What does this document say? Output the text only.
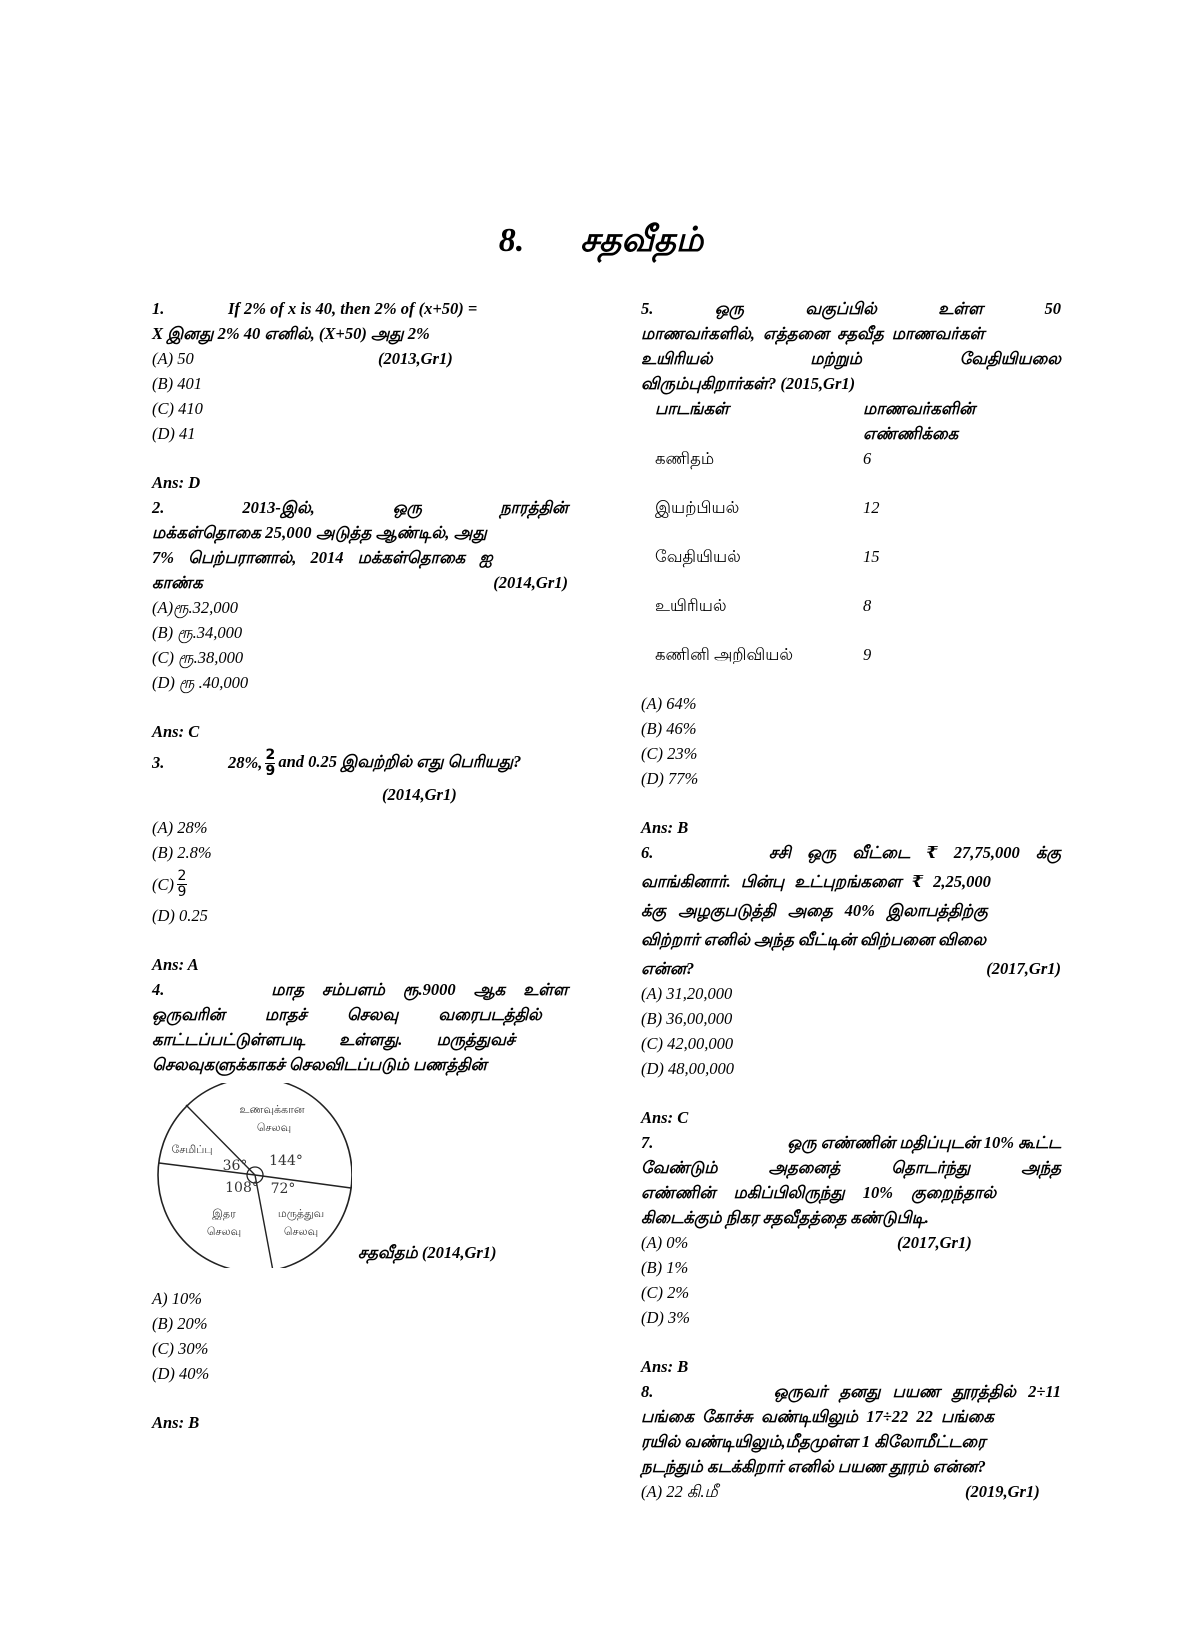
8. சதவீதம்
1.	If 2% of x is 40, then 2% of (x+50) =
X இனது 2% 40 எனில், (X+50) அது 2%
(A) 50	(2013,Gr1)
(B) 401
(C) 410
(D) 41
Ans: D
2.	2013-இல்,	ஒரு	நாரத்தின்
மக்கள்தொகை 25,000 அடுத்த ஆண்டில், அது
7% பெற்பரானால், 2014 மக்கள்தொகை ஐ
காண்க	(2014,Gr1)
(A)ரூ.32,000
(B) ரூ.34,000
(C) ரூ.38,000
(D) ரூ .40,000
Ans: C
3.	28%, $\frac{2}{9}$ and 0.25 இவற்றில் எது பெரியது?
(2014,Gr1)
(A) 28%
(B) 2.8%
$(C) \frac{2}{9}$
(D) 0.25
Ans: A
4.	மாத சம்பளம் ரூ.9000 ஆக உள்ள
ஒருவரின் மாதச் செலவு வரைபடத்தில்
காட்டப்பட்டுள்ளபடி உள்ளது. மருத்துவச்
செலவுகளுக்காகச் செலவிடப்படும் பணத்தின்
உணவுக்கான
செலவு
சேமிப்பு
36° 144°
108° 72°
இதர
செலவு
மருத்துவ
செலவு
சதவீதம் (2014,Gr1)
A) 10%
(B) 20%
(C) 30%
(D) 40%
Ans: B
5.	ஒரு	வகுப்பில்	உள்ள	50
மாணவர்களில், எத்தனை சதவீத மாணவர்கள்
உயிரியல்	மற்றும்	வேதியியலை
விரும்புகிறார்கள்? (2015,Gr1)
பாடங்கள்	மாணவர்களின்
எண்ணிக்கை
கணிதம்	6
இயற்பியல்	12
வேதியியல்	15
உயிரியல்	8
கணினி அறிவியல்	9
(A) 64%
(B) 46%
(C) 23%
(D) 77%
Ans: B
6.	சசி ஒரு வீட்டை ₹ 27,75,000 க்கு
வாங்கினார். பின்பு உட்புறங்களை ₹ 2,25,000
க்கு அழகுபடுத்தி அதை 40% இலாபத்திற்கு
விற்றார் எனில் அந்த வீட்டின் விற்பனை விலை
என்ன?	(2017,Gr1)
(A) 31,20,000
(B) 36,00,000
(C) 42,00,000
(D) 48,00,000
Ans: C
7.	ஒரு எண்ணின் மதிப்புடன் 10% கூட்ட
வேண்டும்	அதனைத்	தொடர்ந்து	அந்த
எண்ணின் மகிப்பிலிருந்து 10% குறைந்தால்
கிடைக்கும் நிகர சதவீதத்தை கண்டுபிடி.
(A) 0%	(2017,Gr1)
(B) 1%
(C) 2%
(D) 3%
Ans: B
8.	ஒருவர் தனது பயண தூரத்தில் 2÷11
பங்கை கோச்சு வண்டியிலும் 17÷22 22 பங்கை
ரயில் வண்டியிலும்,மீதமுள்ள 1 கிலோமீட்டரை
நடந்தும் கடக்கிறார் எனில் பயண தூரம் என்ன?
(A) 22 கி.மீ	(2019,Gr1)
